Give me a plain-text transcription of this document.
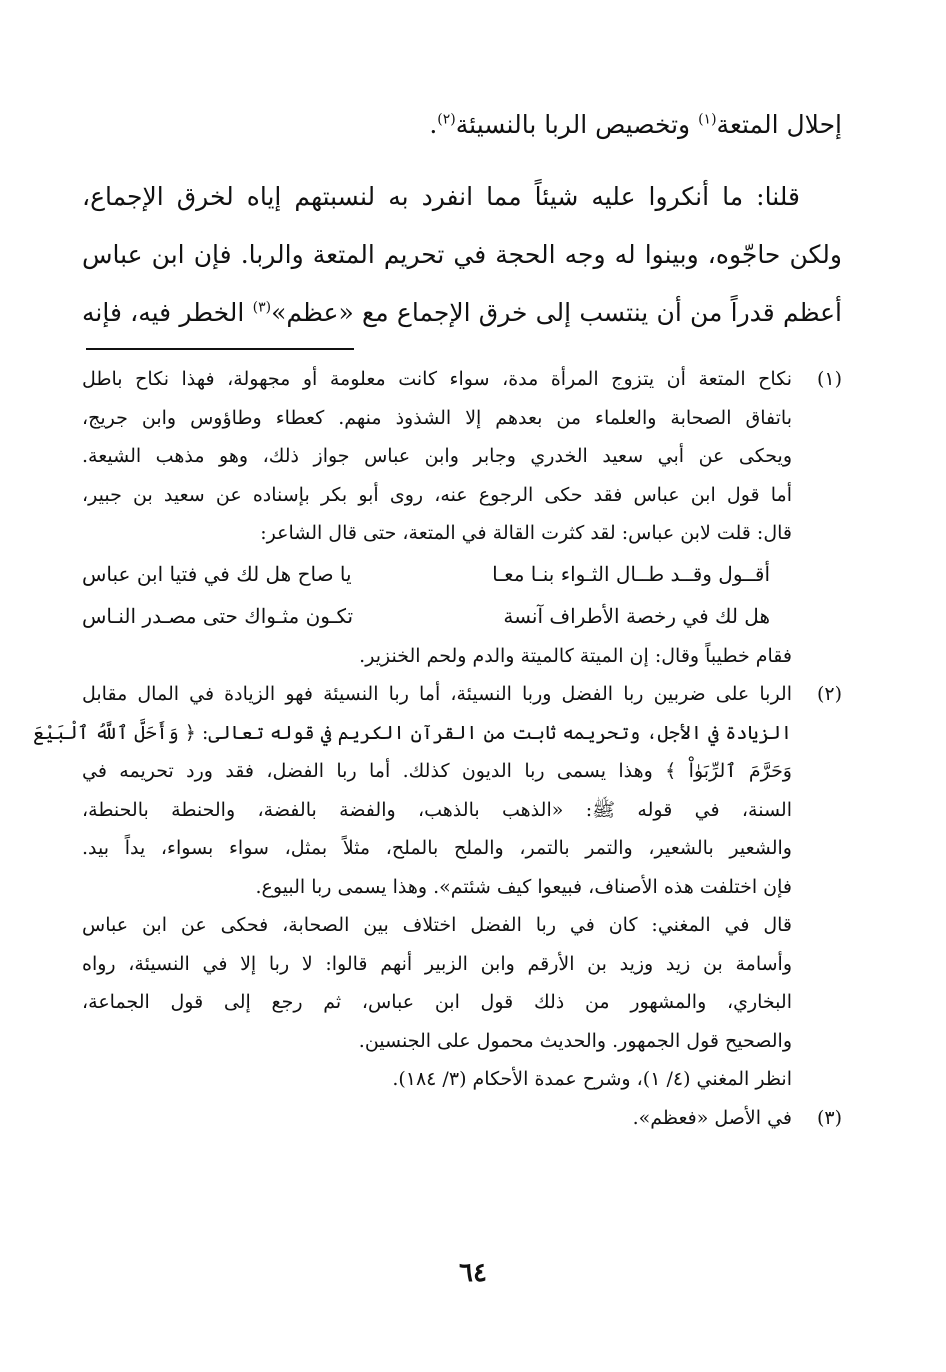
إحلال المتعة$^{(١)}$ وتخصيص الربا بالنسيئة$^{(٢)}$.
قلنا: ما أنكروا عليه شيئاً مما انفرد به لنسبتهم إياه لخرق الإجماع،
ولكن حاجّوه، وبينوا له وجه الحجة في تحريم المتعة والربا. فإن ابن عباس
أعظم قدراً من أن ينتسب إلى خرق الإجماع مع «عظم»$^{(٣)}$ الخطر فيه، فإنه
(١)نكاح المتعة أن يتزوج المرأة مدة، سواء كانت معلومة أو مجهولة، فهذا نكاح باطل
باتفاق الصحابة والعلماء من بعدهم إلا الشذوذ منهم. كعطاء وطاؤوس وابن جريج،
ويحكى عن أبي سعيد الخدري وجابر وابن عباس جواز ذلك، وهو مذهب الشيعة.
أما قول ابن عباس فقد حكى الرجوع عنه، روى أبو بكر بإسناده عن سعيد بن جبير،
قال: قلت لابن عباس: لقد كثرت القالة في المتعة، حتى قال الشاعر:
أقــول وقــد طــال الثـواء بنـا معـا
يا صاح هل لك في فتيا ابن عباس
هل لك في رخصة الأطراف آنسة
تكـون مثـواك حتى مصـدر النـاس
فقام خطيباً وقال: إن الميتة كالميتة والدم ولحم الخنزير.
(٢)الربا على ضربين ربا الفضل وربا النسيئة، أما ربا النسيئة فهو الزيادة في المال مقابل
الزيادة في الأجل، وتحريمه ثابت من القرآن الكريم في قوله تعالى: ﴿ وَأَحَلَّ ٱللَّهُ ٱلْبَيْعَ
وَحَرَّمَ ٱلرِّبَوٰاْ ﴾ وهذا يسمى ربا الديون كذلك. أما ربا الفضل، فقد ورد تحريمه في
السنة، في قوله ﷺ: «الذهب بالذهب، والفضة بالفضة، والحنطة بالحنطة،
والشعير بالشعير، والتمر بالتمر، والملح بالملح، مثلاً بمثل، سواء بسواء، يداً بيد.
فإن اختلفت هذه الأصناف، فبيعوا كيف شئتم». وهذا يسمى ربا البيوع.
قال في المغني: كان في ربا الفضل اختلاف بين الصحابة، فحكى عن ابن عباس
وأسامة بن زيد وزيد بن الأرقم وابن الزبير أنهم قالوا: لا ربا إلا في النسيئة، رواه
البخاري، والمشهور من ذلك قول ابن عباس، ثم رجع إلى قول الجماعة،
والصحيح قول الجمهور. والحديث محمول على الجنسين.
انظر المغني (٤/ ١)، وشرح عمدة الأحكام (٣/ ١٨٤).
(٣)في الأصل «فعظم».
٦٤
